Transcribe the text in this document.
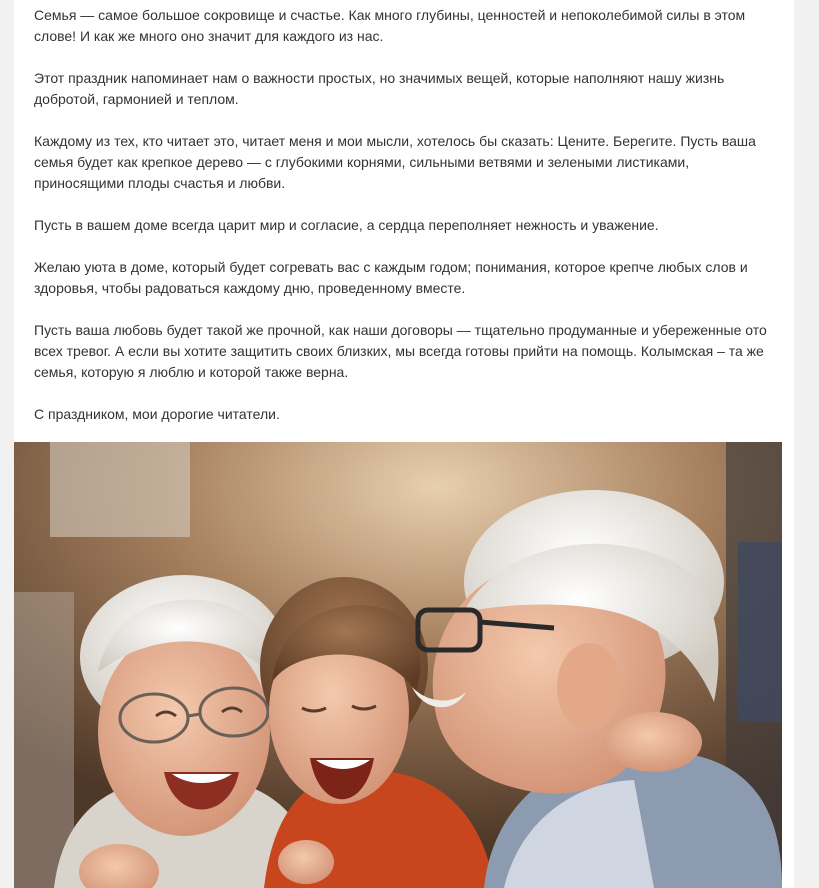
Семья — самое большое сокровище и счастье. Как много глубины, ценностей и непоколебимой силы в этом слове! И как же много оно значит для каждого из нас.

Этот праздник напоминает нам о важности простых, но значимых вещей, которые наполняют нашу жизнь добротой, гармонией и теплом.

Каждому из тех, кто читает это, читает меня и мои мысли, хотелось бы сказать: Цените. Берегите. Пусть ваша семья будет как крепкое дерево — с глубокими корнями, сильными ветвями и зелеными листиками, приносящими плоды счастья и любви.

Пусть в вашем доме всегда царит мир и согласие, а сердца переполняет нежность и уважение.

Желаю уюта в доме, который будет согревать вас с каждым годом; понимания, которое крепче любых слов и здоровья, чтобы радоваться каждому дню, проведенному вместе.

Пусть ваша любовь будет такой же прочной, как наши договоры — тщательно продуманные и убереженные ото всех тревог. А если вы хотите защитить своих близких, мы всегда готовы прийти на помощь. Колымская – та же семья, которую я люблю и которой также верна.

С праздником, мои дорогие читатели.
